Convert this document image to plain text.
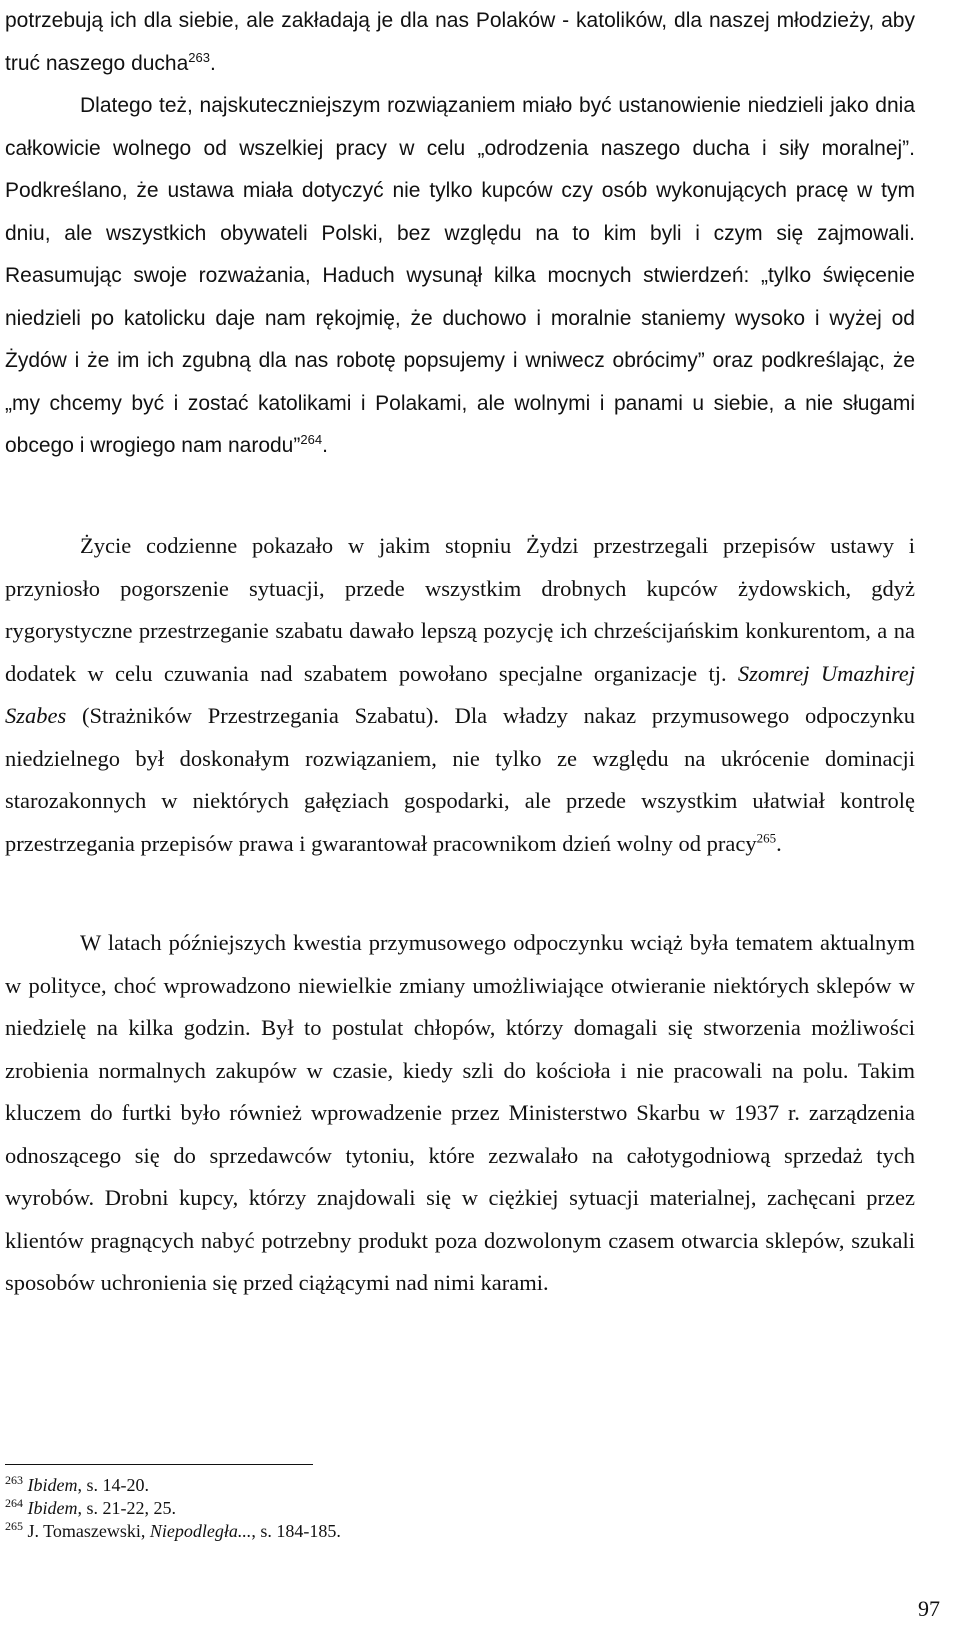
potrzebują ich dla siebie, ale zakładają je dla nas Polaków - katolików, dla naszej młodzieży, aby truć naszego ducha$^{263}$.

Dlatego też, najskuteczniejszym rozwiązaniem miało być ustanowienie niedzieli jako dnia całkowicie wolnego od wszelkiej pracy w celu „odrodzenia naszego ducha i siły moralnej”. Podkreślano, że ustawa miała dotyczyć nie tylko kupców czy osób wykonujących pracę w tym dniu, ale wszystkich obywateli Polski, bez względu na to kim byli i czym się zajmowali. Reasumując swoje rozważania, Haduch wysunął kilka mocnych stwierdzeń: „tylko święcenie niedzieli po katolicku daje nam rękojmię, że duchowo i moralnie staniemy wysoko i wyżej od Żydów i że im ich zgubną dla nas robotę popsujemy i wniwecz obrócimy” oraz podkreślając, że „my chcemy być i zostać katolikami i Polakami, ale wolnymi i panami u siebie, a nie sługami obcego i wrogiego nam narodu”$^{264}$.

Życie codzienne pokazało w jakim stopniu Żydzi przestrzegali przepisów ustawy i przyniosło pogorszenie sytuacji, przede wszystkim drobnych kupców żydowskich, gdyż rygorystyczne przestrzeganie szabatu dawało lepszą pozycję ich chrześcijańskim konkurentom, a na dodatek w celu czuwania nad szabatem powołano specjalne organizacje tj. Szomrej Umazhirej Szabes (Strażników Przestrzegania Szabatu). Dla władzy nakaz przymusowego odpoczynku niedzielnego był doskonałym rozwiązaniem, nie tylko ze względu na ukrócenie dominacji starozakonnych w niektórych gałęziach gospodarki, ale przede wszystkim ułatwiał kontrolę przestrzegania przepisów prawa i gwarantował pracownikom dzień wolny od pracy$^{265}$.

W latach późniejszych kwestia przymusowego odpoczynku wciąż była tematem aktualnym w polityce, choć wprowadzono niewielkie zmiany umożliwiające otwieranie niektórych sklepów w niedzielę na kilka godzin. Był to postulat chłopów, którzy domagali się stworzenia możliwości zrobienia normalnych zakupów w czasie, kiedy szli do kościoła i nie pracowali na polu. Takim kluczem do furtki było również wprowadzenie przez Ministerstwo Skarbu w 1937 r. zarządzenia odnoszącego się do sprzedawców tytoniu, które zezwalało na całotygodniową sprzedaż tych wyrobów. Drobni kupcy, którzy znajdowali się w ciężkiej sytuacji materialnej, zachęcani przez klientów pragnących nabyć potrzebny produkt poza dozwolonym czasem otwarcia sklepów, szukali sposobów uchronienia się przed ciążącymi nad nimi karami.

$^{263}$ Ibidem, s. 14-20.

$^{264}$ Ibidem, s. 21-22, 25.

$^{265}$ J. Tomaszewski, Niepodległa..., s. 184-185.

97
